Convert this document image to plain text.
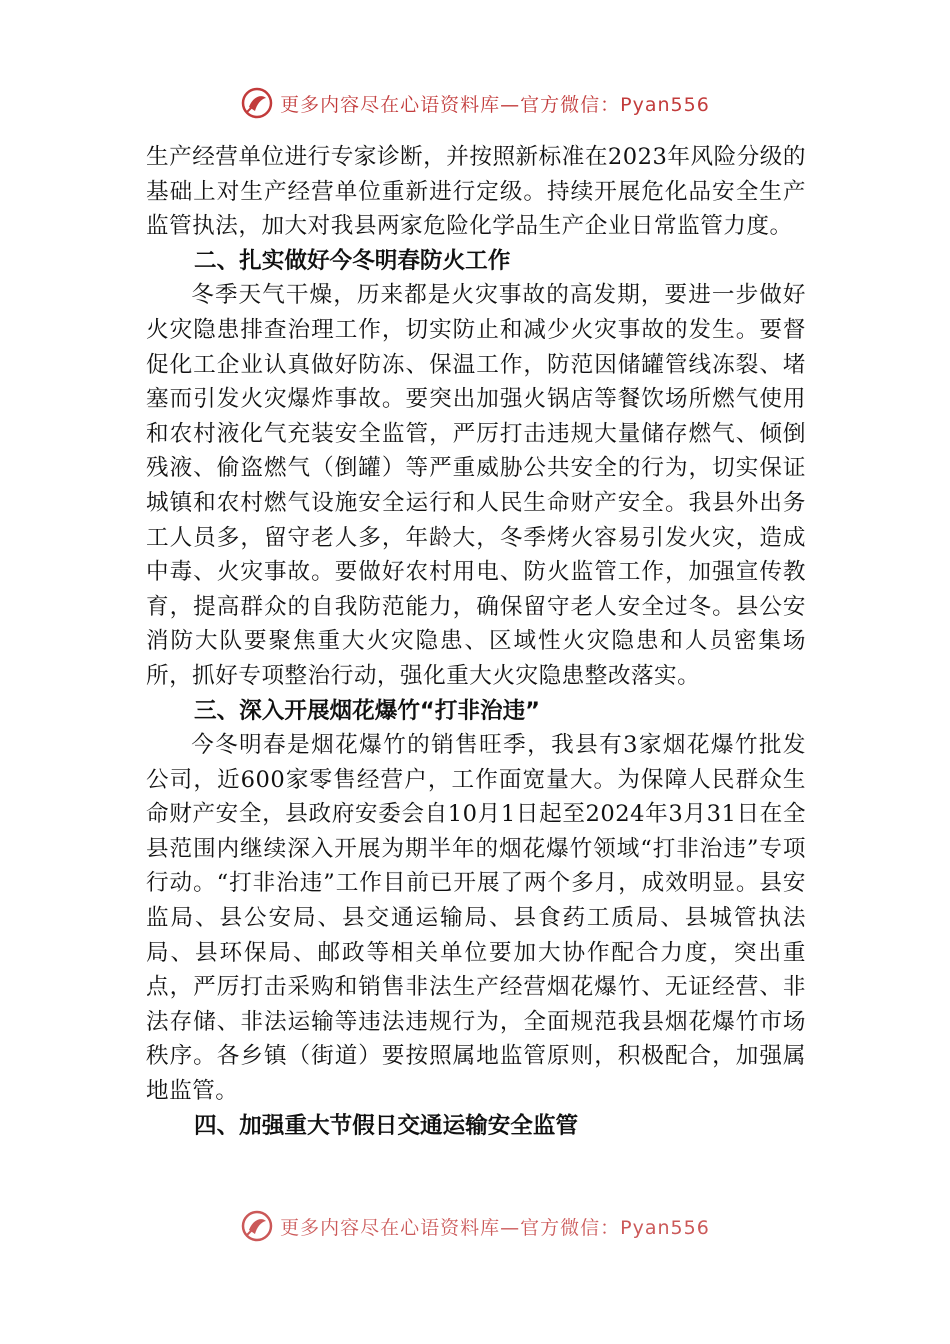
更多内容尽在心语资料库—官方微信：Pyan556

生产经营单位进行专家诊断，并按照新标准在2023年风险分级的基础上对生产经营单位重新进行定级。持续开展危化品安全生产监管执法，加大对我县两家危险化学品生产企业日常监管力度。

二、扎实做好今冬明春防火工作

冬季天气干燥，历来都是火灾事故的高发期，要进一步做好火灾隐患排查治理工作，切实防止和减少火灾事故的发生。要督促化工企业认真做好防冻、保温工作，防范因储罐管线冻裂、堵塞而引发火灾爆炸事故。要突出加强火锅店等餐饮场所燃气使用和农村液化气充装安全监管，严厉打击违规大量储存燃气、倾倒残液、偷盗燃气（倒罐）等严重威胁公共安全的行为，切实保证城镇和农村燃气设施安全运行和人民生命财产安全。我县外出务工人员多，留守老人多，年龄大，冬季烤火容易引发火灾，造成中毒、火灾事故。要做好农村用电、防火监管工作，加强宣传教育，提高群众的自我防范能力，确保留守老人安全过冬。县公安消防大队要聚焦重大火灾隐患、区域性火灾隐患和人员密集场所，抓好专项整治行动，强化重大火灾隐患整改落实。

三、深入开展烟花爆竹“打非治违”

今冬明春是烟花爆竹的销售旺季，我县有3家烟花爆竹批发公司，近600家零售经营户，工作面宽量大。为保障人民群众生命财产安全，县政府安委会自10月1日起至2024年3月31日在全县范围内继续深入开展为期半年的烟花爆竹领域“打非治违”专项行动。“打非治违”工作目前已开展了两个多月，成效明显。县安监局、县公安局、县交通运输局、县食药工质局、县城管执法局、县环保局、邮政等相关单位要加大协作配合力度，突出重点，严厉打击采购和销售非法生产经营烟花爆竹、无证经营、非法存储、非法运输等违法违规行为，全面规范我县烟花爆竹市场秩序。各乡镇（街道）要按照属地监管原则，积极配合，加强属地监管。

四、加强重大节假日交通运输安全监管
更多内容尽在心语资料库—官方微信：Pyan556
